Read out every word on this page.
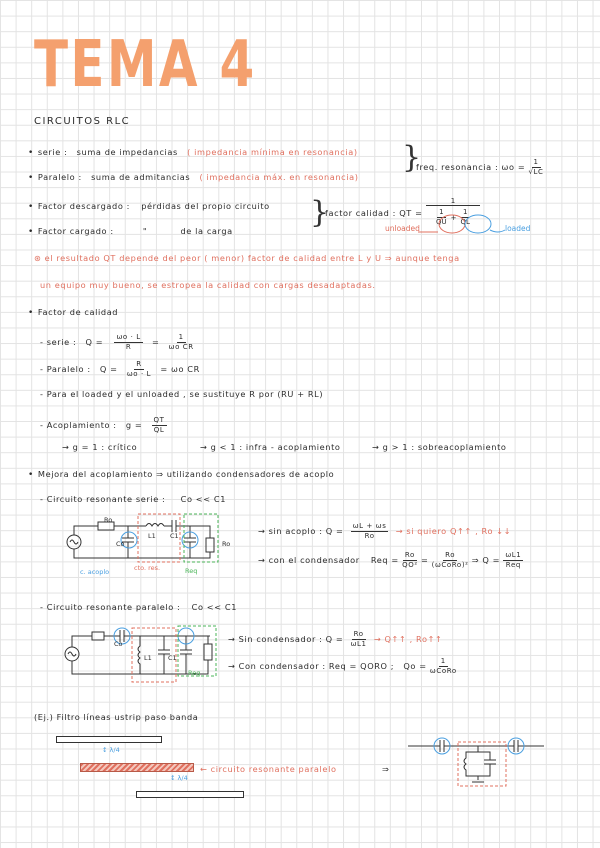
TEMA 4
CIRCUITOS RLC
• serie : suma de impedancias ( impedancia mínima en resonancia)
• Paralelo : suma de admitancias ( impedancia máx. en resonancia)
}
freq. resonancia : $\omega o = \frac{1}{√LC}$
• Factor descargado : pérdidas del propio circuito
• Factor cargado :	"	de la carga
}
factor calidad : QT =
$\frac{1}{\frac{1}{QU} + \frac{1}{QL}}$
unloaded	loaded
⊛ el resultado QT depende del peor ( menor) factor de calidad entre L y U ⇒ aunque tenga
un equipo muy bueno, se estropea la calidad con cargas desadaptadas.
• Factor de calidad
- serie : $Q = \frac{\omega o \cdot L}{R} = \frac{1}{\text{ωo CR}}$
- Paralelo : $Q = \frac{R}{\omega o \cdot L} = \omega o$ CR
- Para el loaded y el unloaded , se sustituye R por (RU + RL)
- Acoplamiento : $g = \frac{QT}{QL}$
→ g = 1 : crítico	→ g < 1 : infra - acoplamiento	→ g > 1 : sobreacoplamiento
• Mejora del acoplamiento ⇒ utilizando condensadores de acoplo
- Circuito resonante serie : Co << C1
Ro
Co
L1 C1
Ro
c. acoplo	cto. res.	Req
→ sin acoplo : $Q = \frac{\omega L + \omega s}{Ro}$ → si quiero Q↑↑ , Ro ↓↓
→ con el condensador Req = $\frac{Ro}{\text{QO²}} = \frac{Ro}{\text{(ωCoRo)²}}$ ⇒ $Q = \frac{\omega L1}{\text{Req}}$
- Circuito resonante paralelo : Co << C1
Co
L1 C1
Req
→ Sin condensador : $Q = \frac{Ro}{\omega L1}$ → Q↑↑ , Ro↑↑
→ Con condensador : Req = QORO ; $Qo = \frac{1}{\text{ωCoRo}}$
(Ej.) Filtro líneas ustrip paso banda
↕ λ/4
↕ λ/4
← circuito resonante paralelo	⇒
